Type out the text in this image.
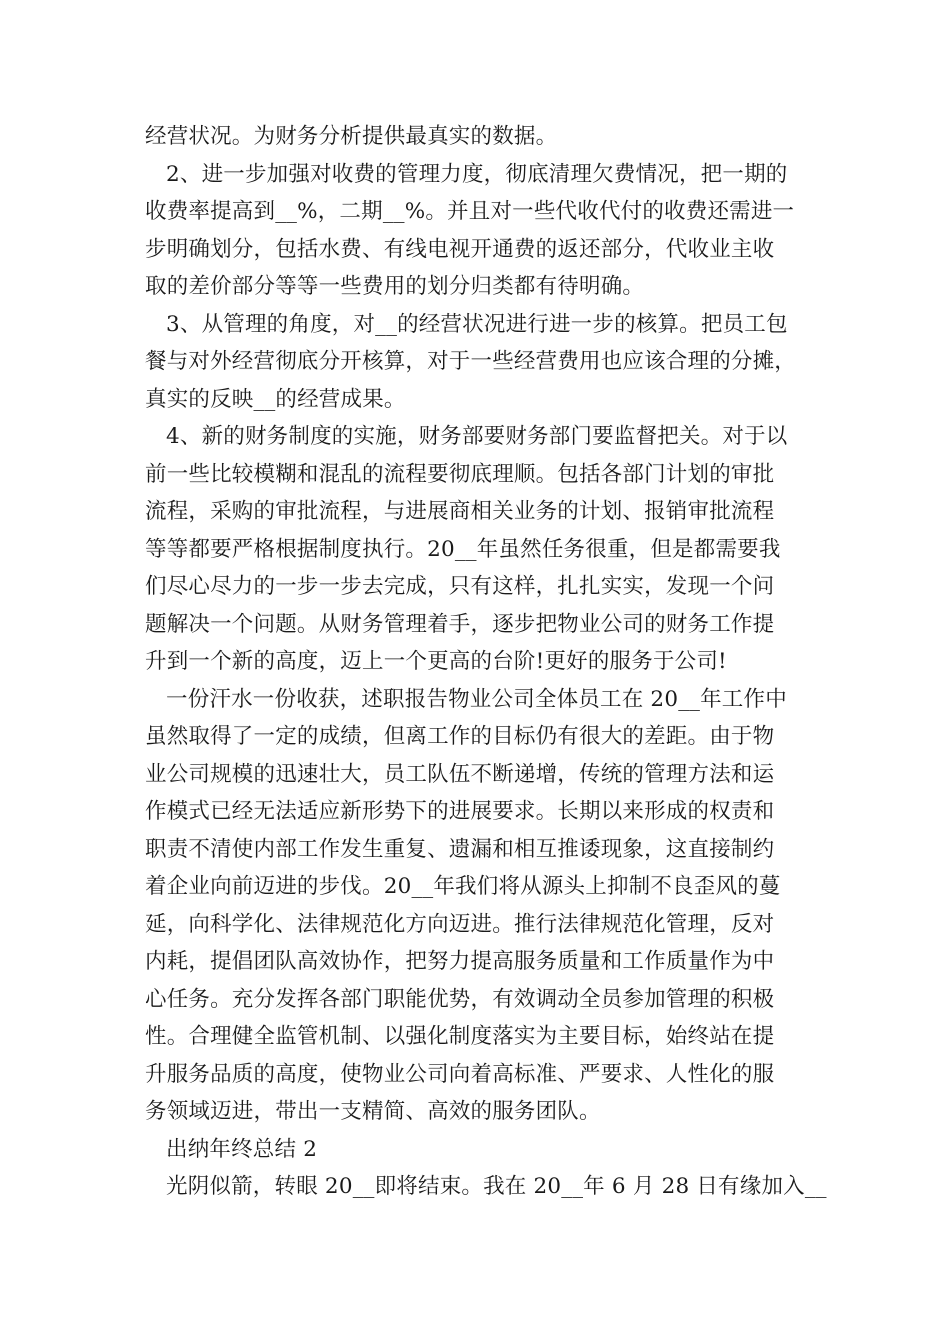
经营状况。为财务分析提供最真实的数据。
2、进一步加强对收费的管理力度，彻底清理欠费情况，把一期的
收费率提高到__%，二期__%。并且对一些代收代付的收费还需进一
步明确划分，包括水费、有线电视开通费的返还部分，代收业主收
取的差价部分等等一些费用的划分归类都有待明确。
3、从管理的角度，对__的经营状况进行进一步的核算。把员工包
餐与对外经营彻底分开核算，对于一些经营费用也应该合理的分摊，
真实的反映__的经营成果。
4、新的财务制度的实施，财务部要财务部门要监督把关。对于以
前一些比较模糊和混乱的流程要彻底理顺。包括各部门计划的审批
流程，采购的审批流程，与进展商相关业务的计划、报销审批流程
等等都要严格根据制度执行。20__年虽然任务很重，但是都需要我
们尽心尽力的一步一步去完成，只有这样，扎扎实实，发现一个问
题解决一个问题。从财务管理着手，逐步把物业公司的财务工作提
升到一个新的高度，迈上一个更高的台阶!更好的服务于公司!
一份汗水一份收获，述职报告物业公司全体员工在 20__年工作中
虽然取得了一定的成绩，但离工作的目标仍有很大的差距。由于物
业公司规模的迅速壮大，员工队伍不断递增，传统的管理方法和运
作模式已经无法适应新形势下的进展要求。长期以来形成的权责和
职责不清使内部工作发生重复、遗漏和相互推诿现象，这直接制约
着企业向前迈进的步伐。20__年我们将从源头上抑制不良歪风的蔓
延，向科学化、法律规范化方向迈进。推行法律规范化管理，反对
内耗，提倡团队高效协作，把努力提高服务质量和工作质量作为中
心任务。充分发挥各部门职能优势，有效调动全员参加管理的积极
性。合理健全监管机制、以强化制度落实为主要目标，始终站在提
升服务品质的高度，使物业公司向着高标准、严要求、人性化的服
务领域迈进，带出一支精简、高效的服务团队。
出纳年终总结 2
光阴似箭，转眼 20__即将结束。我在 20__年 6 月 28 日有缘加入__
